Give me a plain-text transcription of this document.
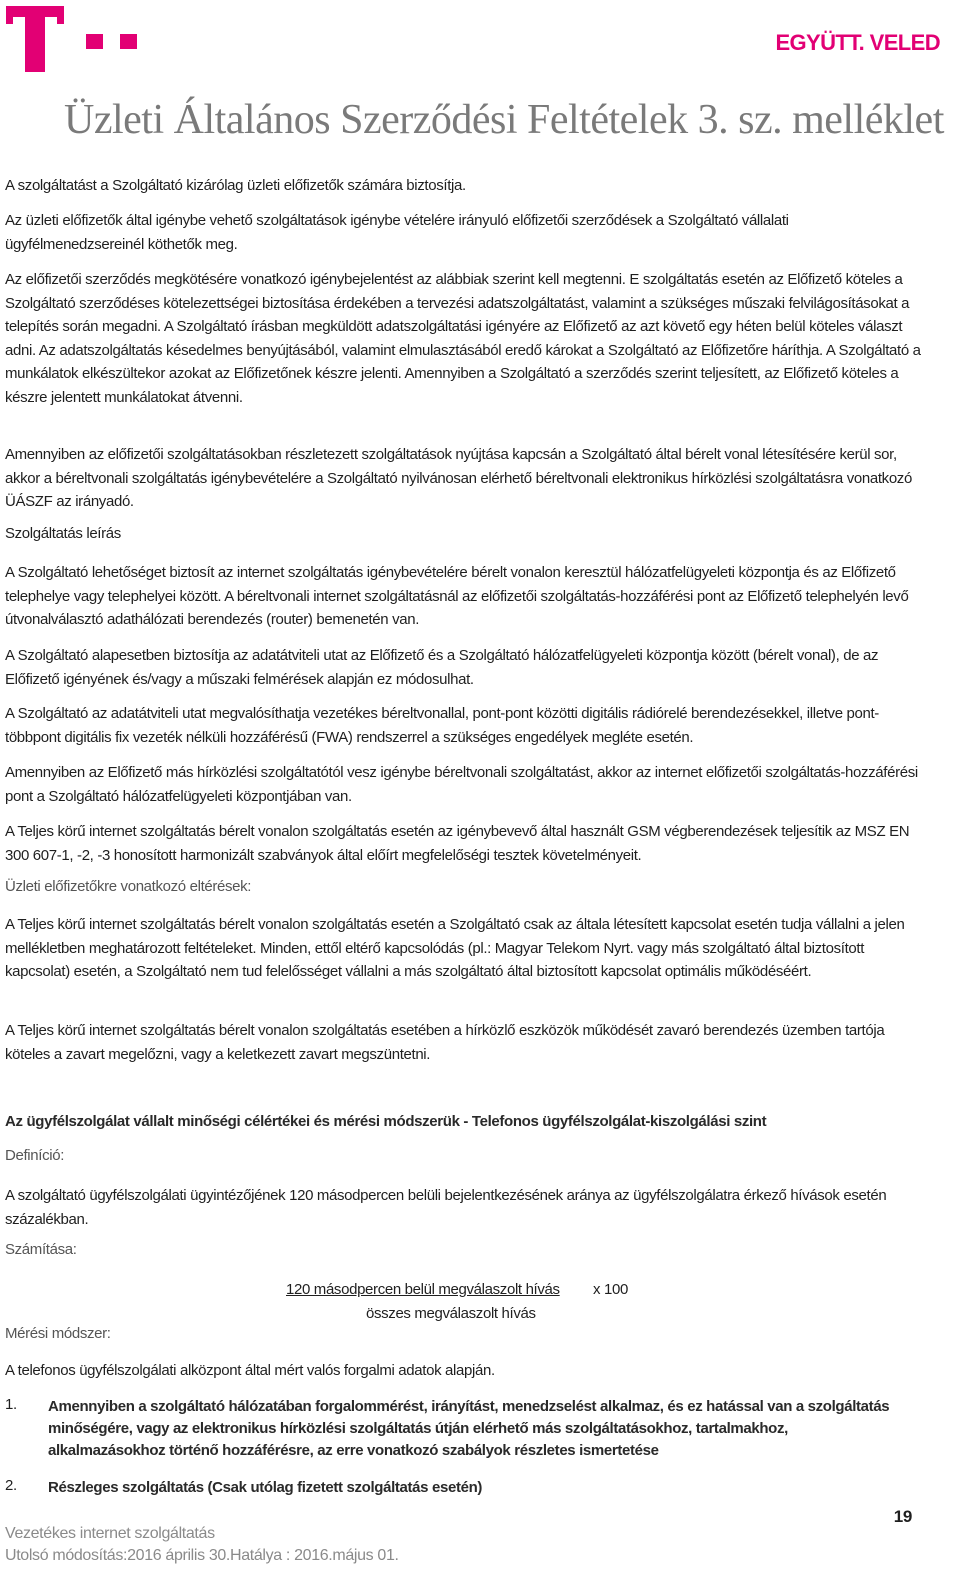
EGYÜTT. VELED
Üzleti Általános Szerződési Feltételek 3. sz. melléklet

A szolgáltatást a Szolgáltató kizárólag üzleti előfizetők számára biztosítja.

Az üzleti előfizetők által igénybe vehető szolgáltatások igénybe vételére irányuló előfizetői szerződések a Szolgáltató vállalati ügyfélmenedzsereinél köthetők meg.

Az előfizetői szerződés megkötésére vonatkozó igénybejelentést az alábbiak szerint kell megtenni. E szolgáltatás esetén az Előfizető köteles a Szolgáltató szerződéses kötelezettségei biztosítása érdekében a tervezési adatszolgáltatást, valamint a szükséges műszaki felvilágosításokat a telepítés során megadni. A Szolgáltató írásban megküldött adatszolgáltatási igényére az Előfizető az azt követő egy héten belül köteles választ adni. Az adatszolgáltatás késedelmes benyújtásából, valamint elmulasztásából eredő károkat a Szolgáltató az Előfizetőre háríthja. A Szolgáltató a munkálatok elkészültekor azokat az Előfizetőnek készre jelenti. Amennyiben a Szolgáltató a szerződés szerint teljesített, az Előfizető köteles a készre jelentett munkálatokat átvenni.

Amennyiben az előfizetői szolgáltatásokban részletezett szolgáltatások nyújtása kapcsán a Szolgáltató által bérelt vonal létesítésére kerül sor, akkor a béreltvonali szolgáltatás igénybevételére a Szolgáltató nyilvánosan elérhető béreltvonali elektronikus hírközlési szolgáltatásra vonatkozó ÜÁSZF az irányadó.

Szolgáltatás leírás

A Szolgáltató lehetőséget biztosít az internet szolgáltatás igénybevételére bérelt vonalon keresztül hálózatfelügyeleti központja és az Előfizető telephelye vagy telephelyei között. A béreltvonali internet szolgáltatásnál az előfizetői szolgáltatás-hozzáférési pont az Előfizető telephelyén levő útvonalválasztó adathálózati berendezés (router) bemenetén van.

A Szolgáltató alapesetben biztosítja az adatátviteli utat az Előfizető és a Szolgáltató hálózatfelügyeleti központja között (bérelt vonal), de az Előfizető igényének és/vagy a műszaki felmérések alapján ez módosulhat.

A Szolgáltató az adatátviteli utat megvalósíthatja vezetékes béreltvonallal, pont-pont közötti digitális rádiórelé berendezésekkel, illetve pont-többpont digitális fix vezeték nélküli hozzáférésű (FWA) rendszerrel a szükséges engedélyek megléte esetén.

Amennyiben az Előfizető más hírközlési szolgáltatótól vesz igénybe béreltvonali szolgáltatást, akkor az internet előfizetői szolgáltatás-hozzáférési pont a Szolgáltató hálózatfelügyeleti központjában van.

A Teljes körű internet szolgáltatás bérelt vonalon szolgáltatás esetén az igénybevevő által használt GSM végberendezések teljesítik az MSZ EN 300 607-1, -2, -3 honosított harmonizált szabványok által előírt megfelelőségi tesztek követelményeit.

Üzleti előfizetőkre vonatkozó eltérések:

A Teljes körű internet szolgáltatás bérelt vonalon szolgáltatás esetén a Szolgáltató csak az általa létesített kapcsolat esetén tudja vállalni a jelen mellékletben meghatározott feltételeket. Minden, ettől eltérő kapcsolódás (pl.: Magyar Telekom Nyrt. vagy más szolgáltató által biztosított kapcsolat) esetén, a Szolgáltató nem tud felelősséget vállalni a más szolgáltató által biztosított kapcsolat optimális működéséért.

A Teljes körű internet szolgáltatás bérelt vonalon szolgáltatás esetében a hírközlő eszközök működését zavaró berendezés üzemben tartója köteles a zavart megelőzni, vagy a keletkezett zavart megszüntetni.

Az ügyfélszolgálat vállalt minőségi célértékei és mérési módszerük - Telefonos ügyfélszolgálat-kiszolgálási szint
Definíció:

A szolgáltató ügyfélszolgálati ügyintézőjének 120 másodpercen belüli bejelentkezésének aránya az ügyfélszolgálatra érkező hívások esetén százalékban.

Számítása:
120 másodpercen belül megválaszolt hívás x 100
összes megválaszolt hívás
Mérési módszer:

A telefonos ügyfélszolgálati alközpont által mért valós forgalmi adatok alapján.

1. Amennyiben a szolgáltató hálózatában forgalommérést, irányítást, menedzselést alkalmaz, és ez hatással van a szolgáltatás minőségére, vagy az elektronikus hírközlési szolgáltatás útján elérhető más szolgáltatásokhoz, tartalmakhoz, alkalmazásokhoz történő hozzáférésre, az erre vonatkozó szabályok részletes ismertetése
2. Részleges szolgáltatás (Csak utólag fizetett szolgáltatás esetén)
19
Vezetékes internet szolgáltatás
Utolsó módosítás:2016 április 30.Hatálya : 2016.május 01.
